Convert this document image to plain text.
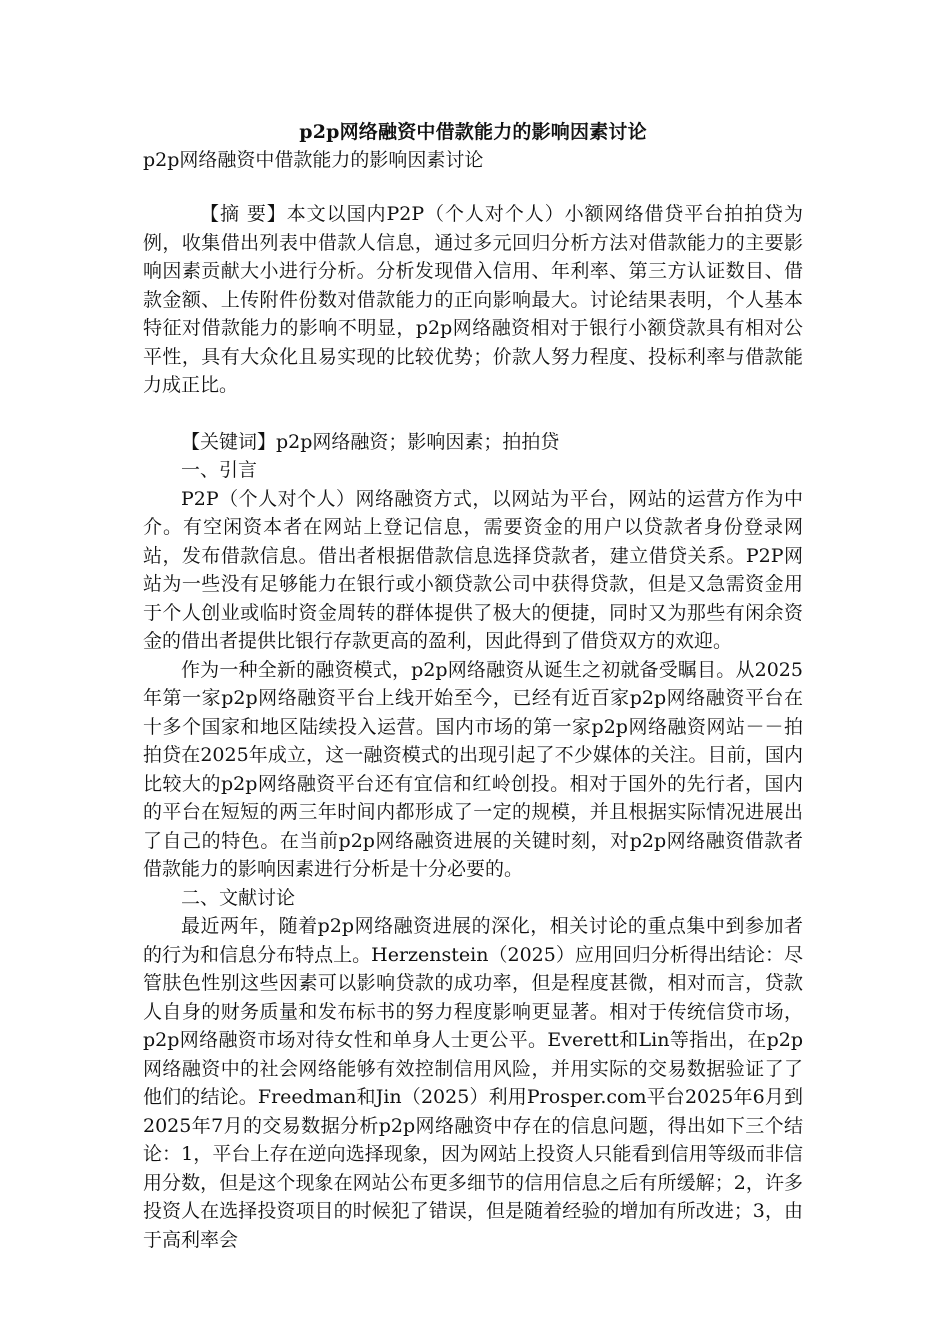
p2p网络融资中借款能力的影响因素讨论
p2p网络融资中借款能力的影响因素讨论

【摘 要】本文以国内P2P（个人对个人）小额网络借贷平台拍拍贷为例，收集借出列表中借款人信息，通过多元回归分析方法对借款能力的主要影响因素贡献大小进行分析。分析发现借入信用、年利率、第三方认证数目、借款金额、上传附件份数对借款能力的正向影响最大。讨论结果表明，个人基本特征对借款能力的影响不明显，p2p网络融资相对于银行小额贷款具有相对公平性，具有大众化且易实现的比较优势；价款人努力程度、投标利率与借款能力成正比。

【关键词】p2p网络融资；影响因素；拍拍贷

一、引言

P2P（个人对个人）网络融资方式，以网站为平台，网站的运营方作为中介。有空闲资本者在网站上登记信息，需要资金的用户以贷款者身份登录网站，发布借款信息。借出者根据借款信息选择贷款者，建立借贷关系。P2P网站为一些没有足够能力在银行或小额贷款公司中获得贷款，但是又急需资金用于个人创业或临时资金周转的群体提供了极大的便捷，同时又为那些有闲余资金的借出者提供比银行存款更高的盈利，因此得到了借贷双方的欢迎。

作为一种全新的融资模式，p2p网络融资从诞生之初就备受瞩目。从2025年第一家p2p网络融资平台上线开始至今，已经有近百家p2p网络融资平台在十多个国家和地区陆续投入运营。国内市场的第一家p2p网络融资网站－－拍拍贷在2025年成立，这一融资模式的出现引起了不少媒体的关注。目前，国内比较大的p2p网络融资平台还有宜信和红岭创投。相对于国外的先行者，国内的平台在短短的两三年时间内都形成了一定的规模，并且根据实际情况进展出了自己的特色。在当前p2p网络融资进展的关键时刻，对p2p网络融资借款者借款能力的影响因素进行分析是十分必要的。

二、文献讨论

最近两年，随着p2p网络融资进展的深化，相关讨论的重点集中到参加者的行为和信息分布特点上。Herzenstein（2025）应用回归分析得出结论：尽管肤色性别这些因素可以影响贷款的成功率，但是程度甚微，相对而言，贷款人自身的财务质量和发布标书的努力程度影响更显著。相对于传统信贷市场，p2p网络融资市场对待女性和单身人士更公平。Everett和Lin等指出，在p2p网络融资中的社会网络能够有效控制信用风险，并用实际的交易数据验证了了他们的结论。Freedman和Jin（2025）利用Prosper.com平台2025年6月到2025年7月的交易数据分析p2p网络融资中存在的信息问题，得出如下三个结论：1，平台上存在逆向选择现象，因为网站上投资人只能看到信用等级而非信用分数，但是这个现象在网站公布更多细节的信用信息之后有所缓解；2，许多投资人在选择投资项目的时候犯了错误，但是随着经验的增加有所改进；3，由于高利率会
